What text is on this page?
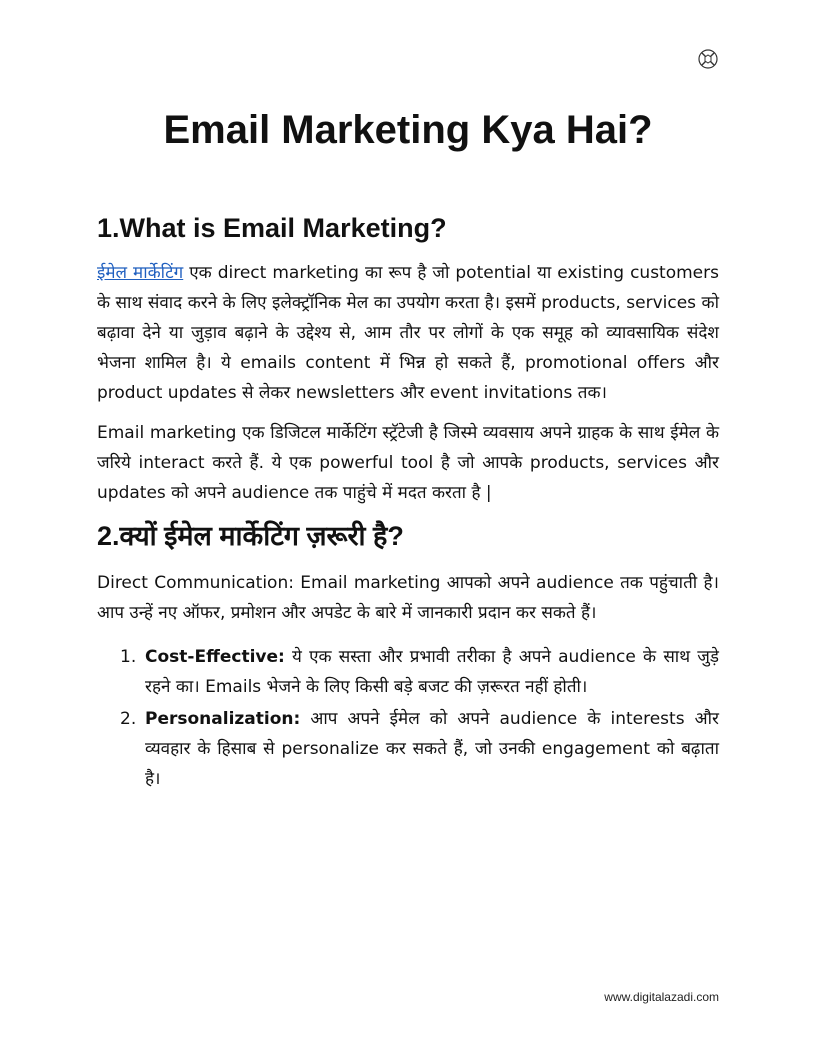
Email Marketing Kya Hai?
1.What is Email Marketing?

ईमेल मार्केटिंग एक direct marketing का रूप है जो potential या existing customers के साथ संवाद करने के लिए इलेक्ट्रॉनिक मेल का उपयोग करता है। इसमें products, services को बढ़ावा देने या जुड़ाव बढ़ाने के उद्देश्य से, आम तौर पर लोगों के एक समूह को व्यावसायिक संदेश भेजना शामिल है। ये emails content में भिन्न हो सकते हैं, promotional offers और product updates से लेकर newsletters और event invitations तक।

Email marketing एक डिजिटल मार्केटिंग स्ट्रॅटेजी है जिस्मे व्यवसाय अपने ग्राहक के साथ ईमेल के जरिये interact करते हैं. ये एक powerful tool है जो आपके products, services और updates को अपने audience तक पाहुंचे में मदत करता है |

2.क्यों ईमेल मार्केटिंग ज़रूरी है?

Direct Communication: Email marketing आपको अपने audience तक पहुंचाती है। आप उन्हें नए ऑफर, प्रमोशन और अपडेट के बारे में जानकारी प्रदान कर सकते हैं।

1. Cost-Effective: ये एक सस्ता और प्रभावी तरीका है अपने audience के साथ जुड़े रहने का। Emails भेजने के लिए किसी बड़े बजट की ज़रूरत नहीं होती।
2. Personalization: आप अपने ईमेल को अपने audience के interests और व्यवहार के हिसाब से personalize कर सकते हैं, जो उनकी engagement को बढ़ाता है।
www.digitalazadi.com
